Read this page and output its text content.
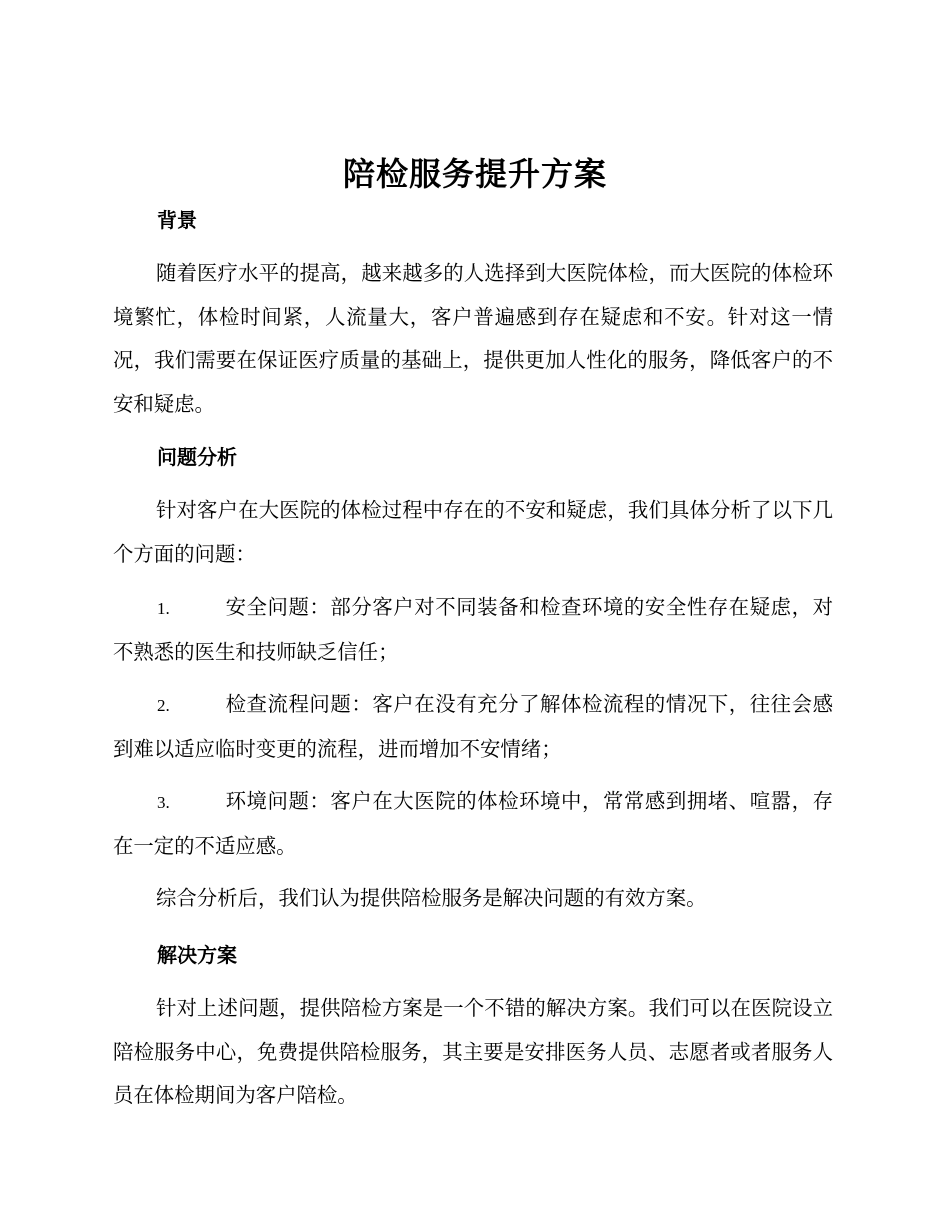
陪检服务提升方案
背景

随着医疗水平的提高，越来越多的人选择到大医院体检，而大医院的体检环境繁忙，体检时间紧，人流量大，客户普遍感到存在疑虑和不安。针对这一情况，我们需要在保证医疗质量的基础上，提供更加人性化的服务，降低客户的不安和疑虑。

问题分析

针对客户在大医院的体检过程中存在的不安和疑虑，我们具体分析了以下几个方面的问题：

1.	安全问题：部分客户对不同装备和检查环境的安全性存在疑虑，对不熟悉的医生和技师缺乏信任；

2.	检查流程问题：客户在没有充分了解体检流程的情况下，往往会感到难以适应临时变更的流程，进而增加不安情绪；

3.	环境问题：客户在大医院的体检环境中，常常感到拥堵、喧嚣，存在一定的不适应感。

综合分析后，我们认为提供陪检服务是解决问题的有效方案。

解决方案

针对上述问题，提供陪检方案是一个不错的解决方案。我们可以在医院设立陪检服务中心，免费提供陪检服务，其主要是安排医务人员、志愿者或者服务人员在体检期间为客户陪检。
